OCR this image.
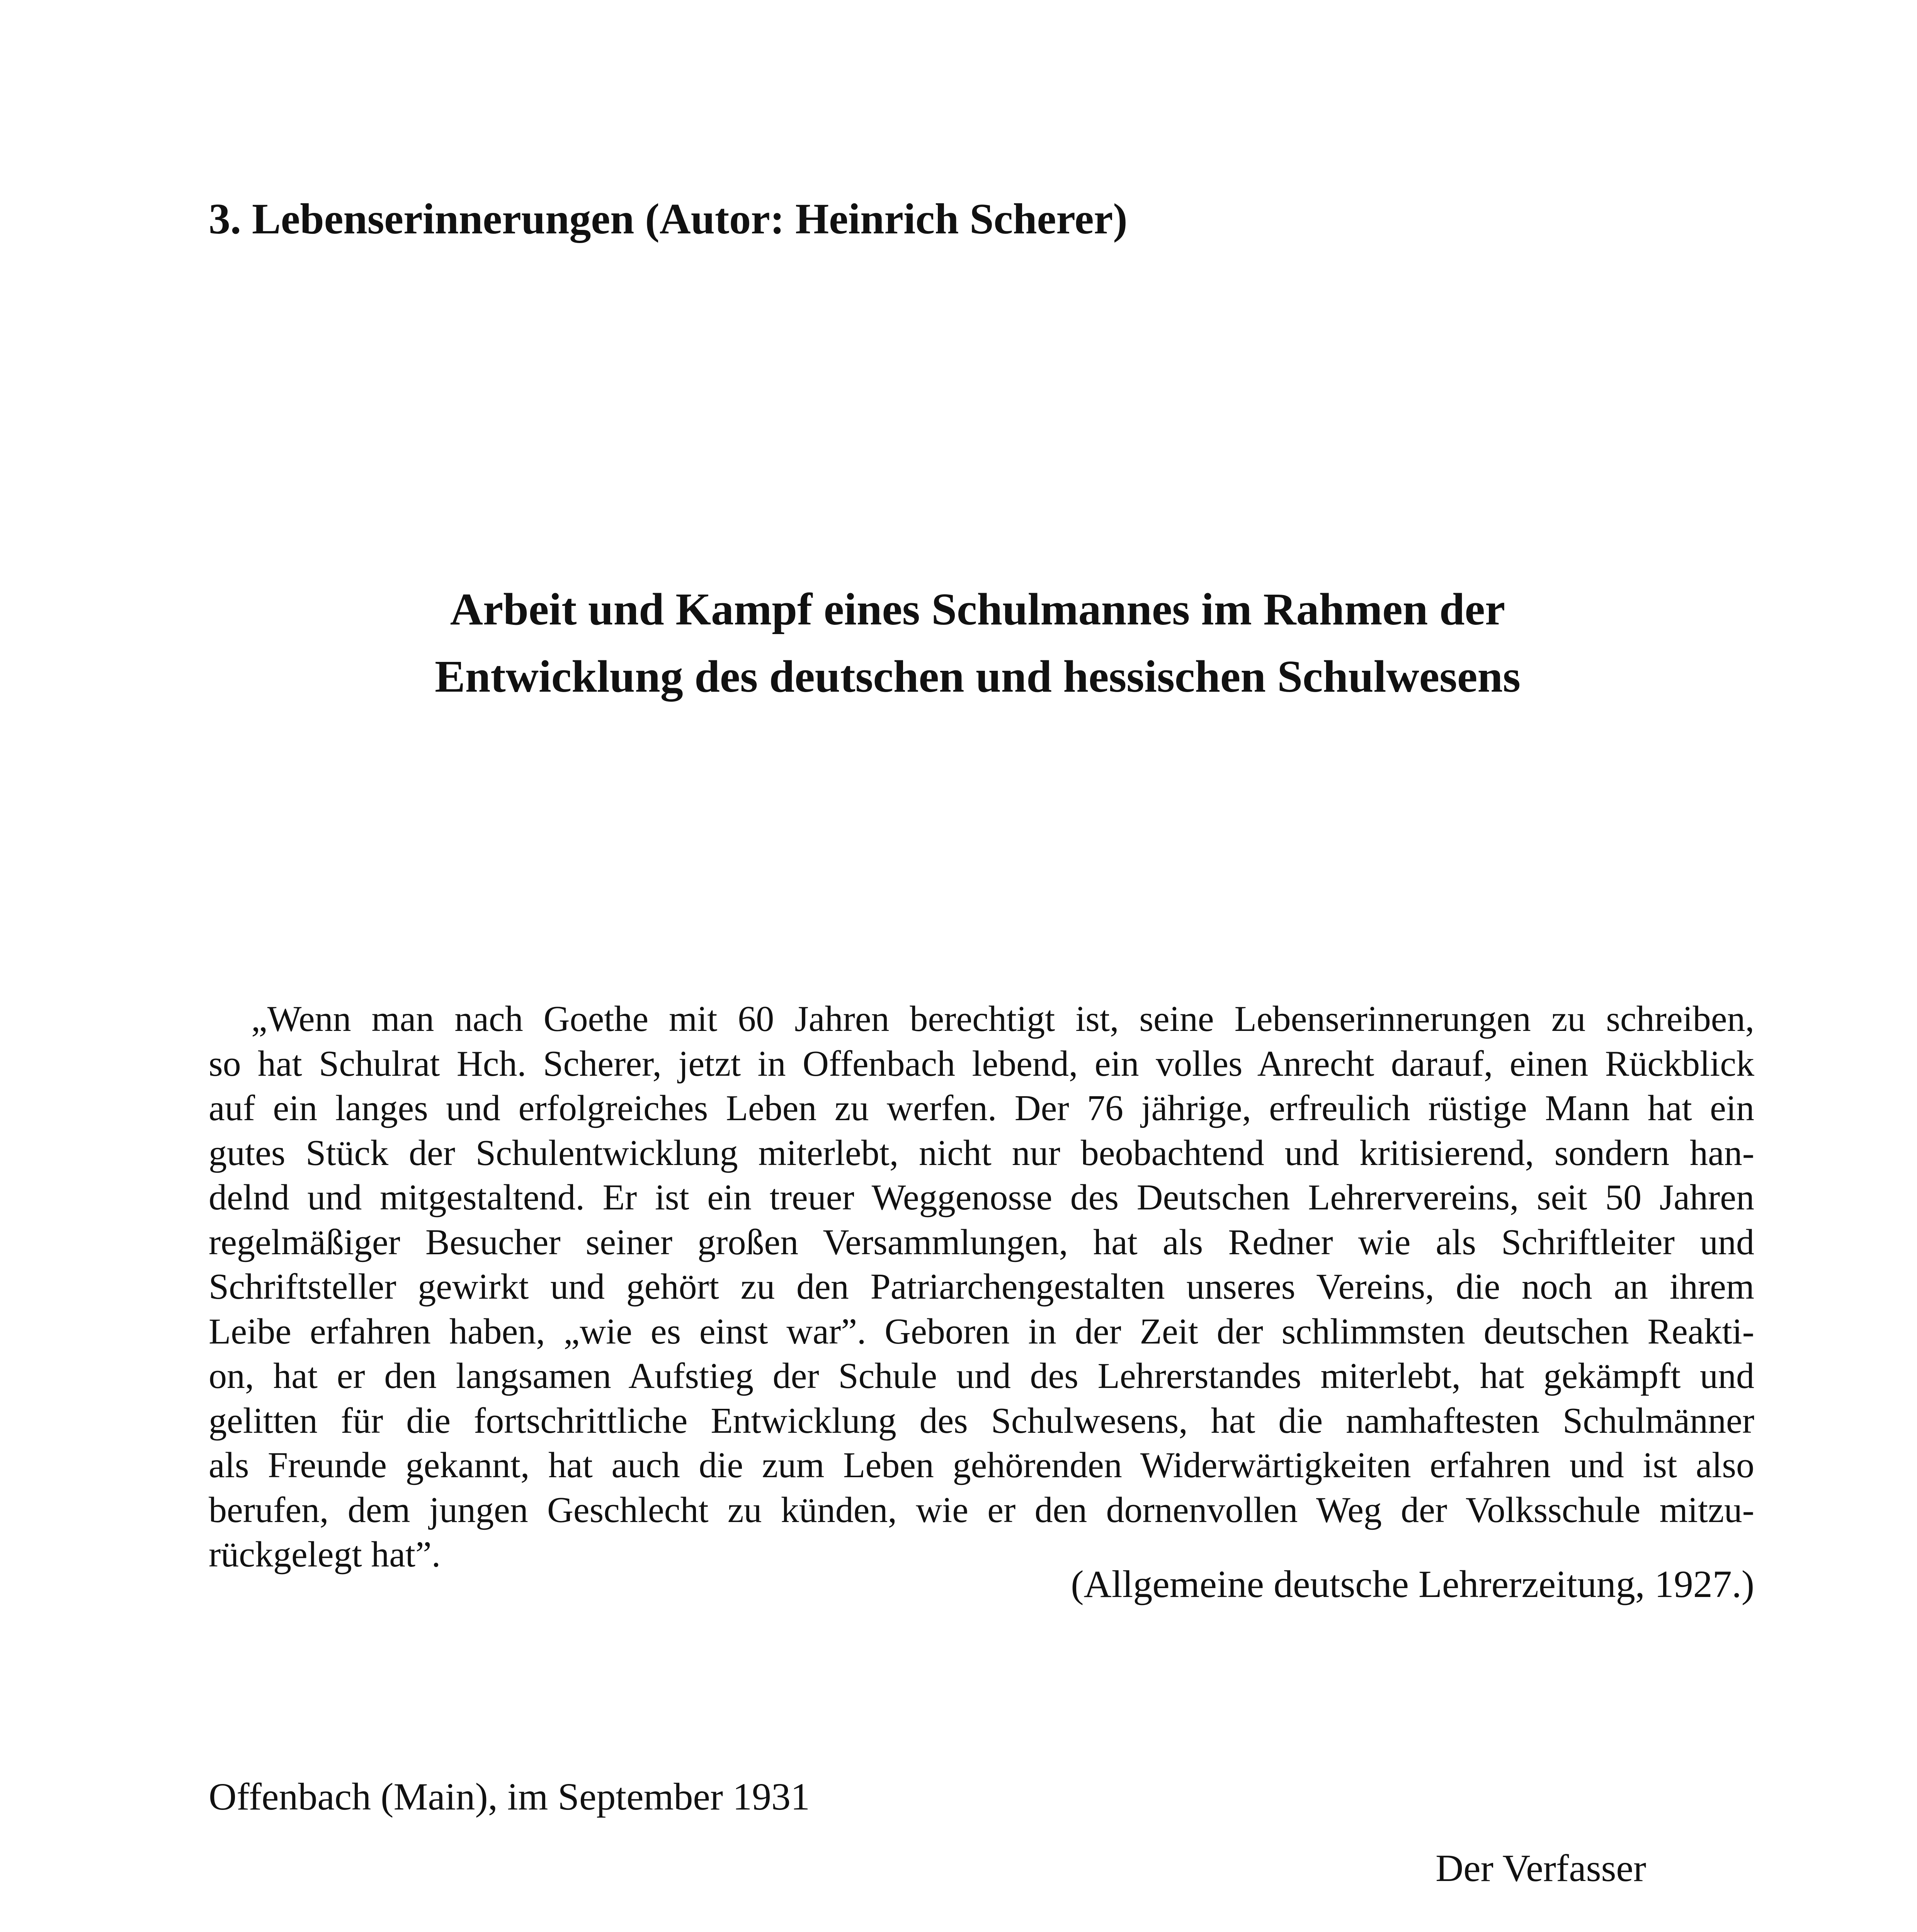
3. Lebenserinnerungen (Autor: Heinrich Scherer)
Arbeit und Kampf eines Schulmannes im Rahmen der
Entwicklung des deutschen und hessischen Schulwesens
„Wenn man nach Goethe mit 60 Jahren berechtigt ist, seine Lebenserinnerungen zu schreiben,
so hat Schulrat Hch. Scherer, jetzt in Offenbach lebend, ein volles Anrecht darauf, einen Rückblick
auf ein langes und erfolgreiches Leben zu werfen. Der 76 jährige, erfreulich rüstige Mann hat ein
gutes Stück der Schulentwicklung miterlebt, nicht nur beobachtend und kritisierend, sondern han-
delnd und mitgestaltend. Er ist ein treuer Weggenosse des Deutschen Lehrervereins, seit 50 Jahren
regelmäßiger Besucher seiner großen Versammlungen, hat als Redner wie als Schriftleiter und
Schriftsteller gewirkt und gehört zu den Patriarchengestalten unseres Vereins, die noch an ihrem
Leibe erfahren haben, „wie es einst war”. Geboren in der Zeit der schlimmsten deutschen Reakti-
on, hat er den langsamen Aufstieg der Schule und des Lehrerstandes miterlebt, hat gekämpft und
gelitten für die fortschrittliche Entwicklung des Schulwesens, hat die namhaftesten Schulmänner
als Freunde gekannt, hat auch die zum Leben gehörenden Widerwärtigkeiten erfahren und ist also
berufen, dem jungen Geschlecht zu künden, wie er den dornenvollen Weg der Volksschule mitzu-
rückgelegt hat”.

(Allgemeine deutsche Lehrerzeitung, 1927.)

Offenbach (Main), im September 1931

Der Verfasser
